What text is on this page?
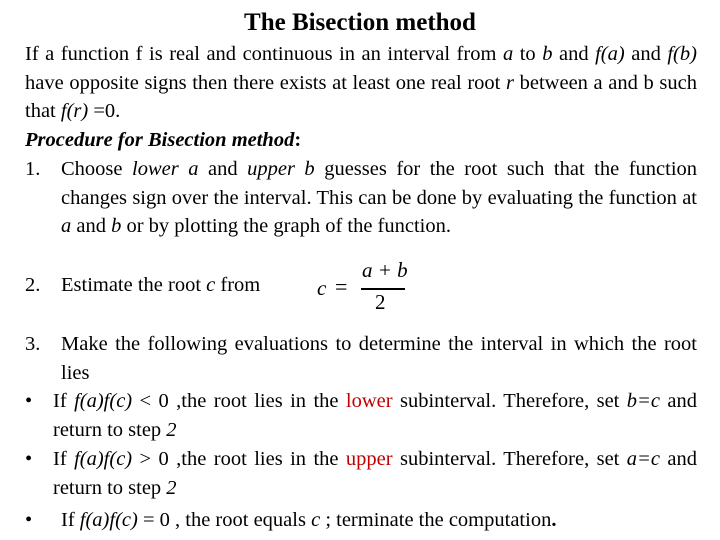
The Bisection method
If a function f is real and continuous in an interval from a to b and f(a) and f(b) have opposite signs then there exists at least one real root r between a and b such that f(r) =0.
Procedure for Bisection method:
1. Choose lower a and upper b guesses for the root such that the function changes sign over the interval. This can be done by evaluating the function at a and b or by plotting the graph of the function.
2. Estimate the root c from	c =
a + b
2
3. Make the following evaluations to determine the interval in which the root lies
• If f(a)f(c) < 0 ,the root lies in the lower subinterval. Therefore, set b=c and return to step 2
• If f(a)f(c) > 0 ,the root lies in the upper subinterval. Therefore, set a=c and return to step 2
• If f(a)f(c) = 0 , the root equals c ; terminate the computation.
